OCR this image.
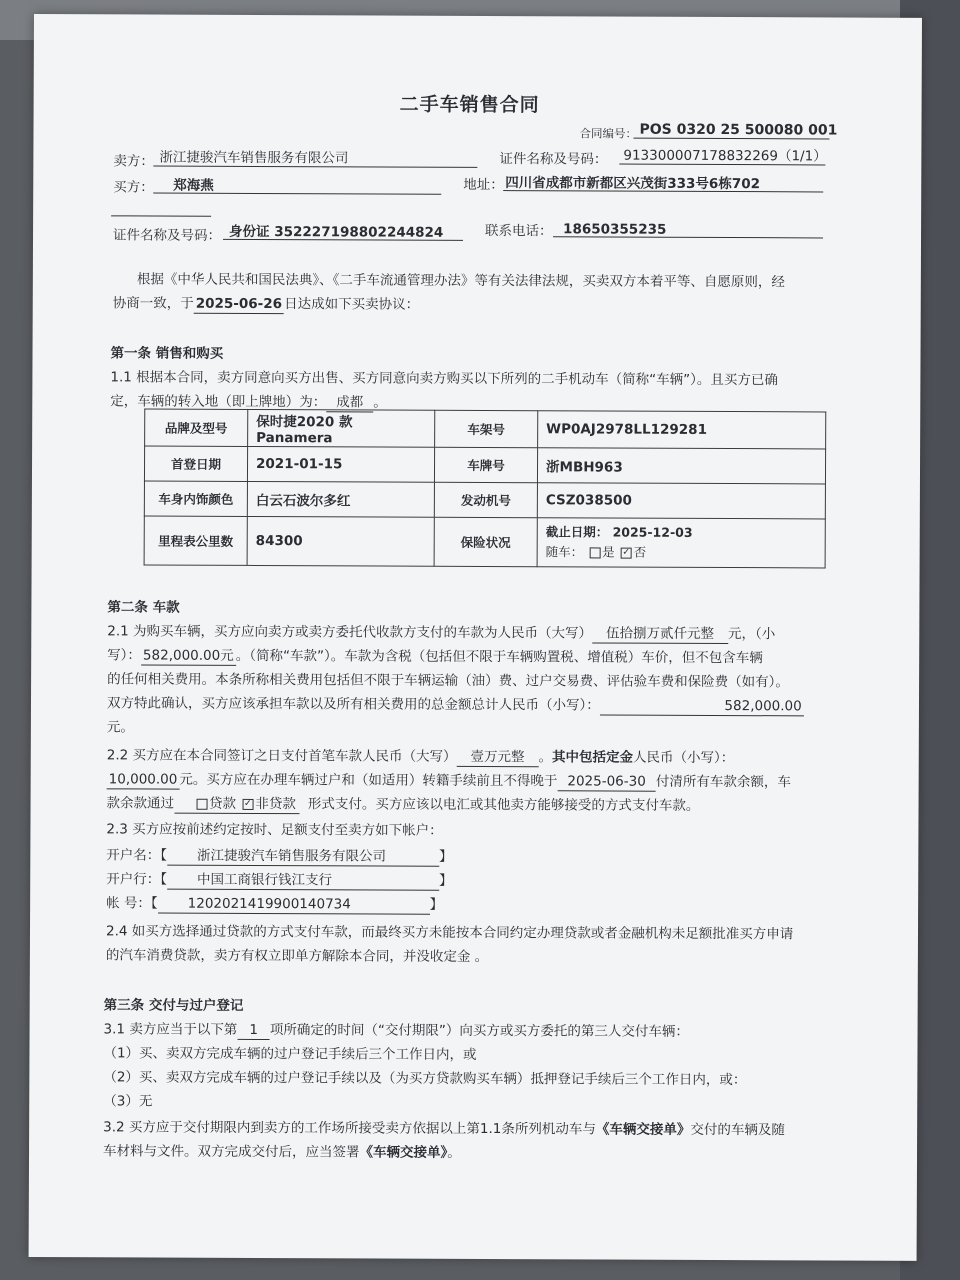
二手车销售合同
合同编号： POS 0320 25 500080 001
卖方： 浙江捷骏汽车销售服务有限公司	证件名称及号码： 913300007178832269（1/1）
买方： 郑海燕	地址： 四川省成都市新都区兴茂街333号6栋702
证件名称及号码： 身份证 352227198802244824	联系电话： 18650355235
根据《中华人民共和国民法典》、《二手车流通管理办法》等有关法律法规，买卖双方本着平等、自愿原则，经
协商一致，于 2025-06-26 日达成如下买卖协议：
第一条 销售和购买
1.1 根据本合同，卖方同意向买方出售、买方同意向卖方购买以下所列的二手机动车（简称“车辆”）。且买方已确
定，车辆的转入地（即上牌地）为： 成都 。
品牌及型号	保时捷2020 款Panamera	车架号	WP0AJ2978LL129281
首登日期	2021-01-15	车牌号	浙MBH963
车身内饰颜色	白云石波尔多红	发动机号	CSZ038500
里程表公里数	84300	保险状况	截止日期： 2025-12-03
随车： 是 ✓ 否
第二条 车款
2.1 为购买车辆，买方应向卖方或卖方委托代收款方支付的车款为人民币（大写） 伍拾捌万贰仟元整 元，（小
写）： 582,000.00元 。（简称“车款”）。车款为含税（包括但不限于车辆购置税、增值税）车价，但不包含车辆
的任何相关费用。本条所称相关费用包括但不限于车辆运输（油）费、过户交易费、评估验车费和保险费（如有）。
双方特此确认，买方应该承担车款以及所有相关费用的总金额总计人民币（小写）：	582,000.00
元。
2.2 买方应在本合同签订之日支付首笔车款人民币（大写） 壹万元整 。其中包括定金人民币（小写）：
10,000.00 元。买方应在办理车辆过户和（如适用）转籍手续前且不得晚于 2025-06-30 付清所有车款余额，车
款余款通过	贷款 ✓ 非贷款 形式支付。买方应该以电汇或其他卖方能够接受的方式支付车款。
2.3 买方应按前述约定按时、足额支付至卖方如下帐户：
开户名：【 浙江捷骏汽车销售服务有限公司	】
开户行：【 中国工商银行钱江支行	】
帐 号：【 1202021419900140734	】
2.4 如买方选择通过贷款的方式支付车款，而最终买方未能按本合同约定办理贷款或者金融机构未足额批准买方申请
的汽车消费贷款，卖方有权立即单方解除本合同，并没收定金 。
第三条 交付与过户登记
3.1 卖方应当于以下第 1 项所确定的时间（“交付期限”）向买方或买方委托的第三人交付车辆：
（1）买、卖双方完成车辆的过户登记手续后三个工作日内，或
（2）买、卖双方完成车辆的过户登记手续以及（为买方贷款购买车辆）抵押登记手续后三个工作日内，或：
（3）无
3.2 买方应于交付期限内到卖方的工作场所接受卖方依据以上第1.1条所列机动车与《车辆交接单》交付的车辆及随
车材料与文件。双方完成交付后，应当签署《车辆交接单》。
